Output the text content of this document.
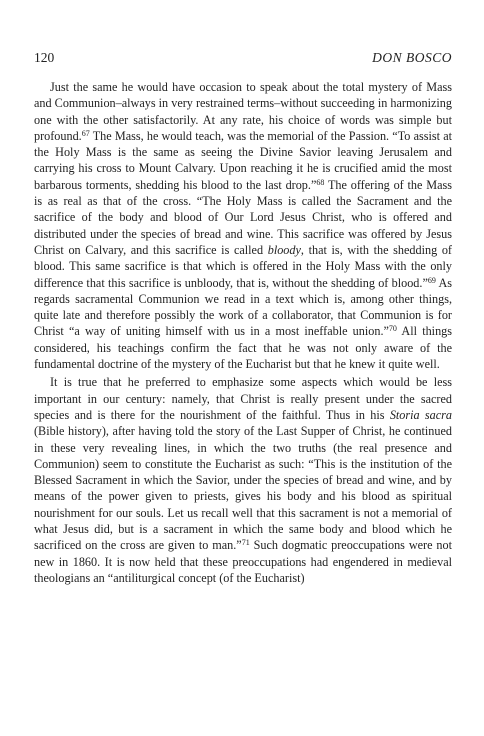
120	DON BOSCO

Just the same he would have occasion to speak about the total mystery of Mass and Communion–always in very restrained terms–without succeeding in harmonizing one with the other satisfactorily. At any rate, his choice of words was simple but profound.$^{67}$ The Mass, he would teach, was the memorial of the Passion. “To assist at the Holy Mass is the same as seeing the Divine Savior leaving Jerusalem and carrying his cross to Mount Calvary. Upon reaching it he is crucified amid the most barbarous torments, shedding his blood to the last drop.”$^{68}$ The offering of the Mass is as real as that of the cross. “The Holy Mass is called the Sacrament and the sacrifice of the body and blood of Our Lord Jesus Christ, who is offered and distributed under the species of bread and wine. This sacrifice was offered by Jesus Christ on Calvary, and this sacrifice is called bloody, that is, with the shedding of blood. This same sacrifice is that which is offered in the Holy Mass with the only difference that this sacrifice is unbloody, that is, without the shedding of blood.”$^{69}$ As regards sacramental Communion we read in a text which is, among other things, quite late and therefore possibly the work of a collaborator, that Communion is for Christ “a way of uniting himself with us in a most ineffable union.”$^{70}$ All things considered, his teachings confirm the fact that he was not only aware of the fundamental doctrine of the mystery of the Eucharist but that he knew it quite well.

It is true that he preferred to emphasize some aspects which would be less important in our century: namely, that Christ is really present under the sacred species and is there for the nourishment of the faithful. Thus in his Storia sacra (Bible history), after having told the story of the Last Supper of Christ, he continued in these very revealing lines, in which the two truths (the real presence and Communion) seem to constitute the Eucharist as such: “This is the institution of the Blessed Sacrament in which the Savior, under the species of bread and wine, and by means of the power given to priests, gives his body and his blood as spiritual nourishment for our souls. Let us recall well that this sacrament is not a memorial of what Jesus did, but is a sacrament in which the same body and blood which he sacrificed on the cross are given to man.”$^{71}$ Such dogmatic preoccupations were not new in 1860. It is now held that these preoccupations had engendered in medieval theologians an “antiliturgical concept (of the Eucharist)
